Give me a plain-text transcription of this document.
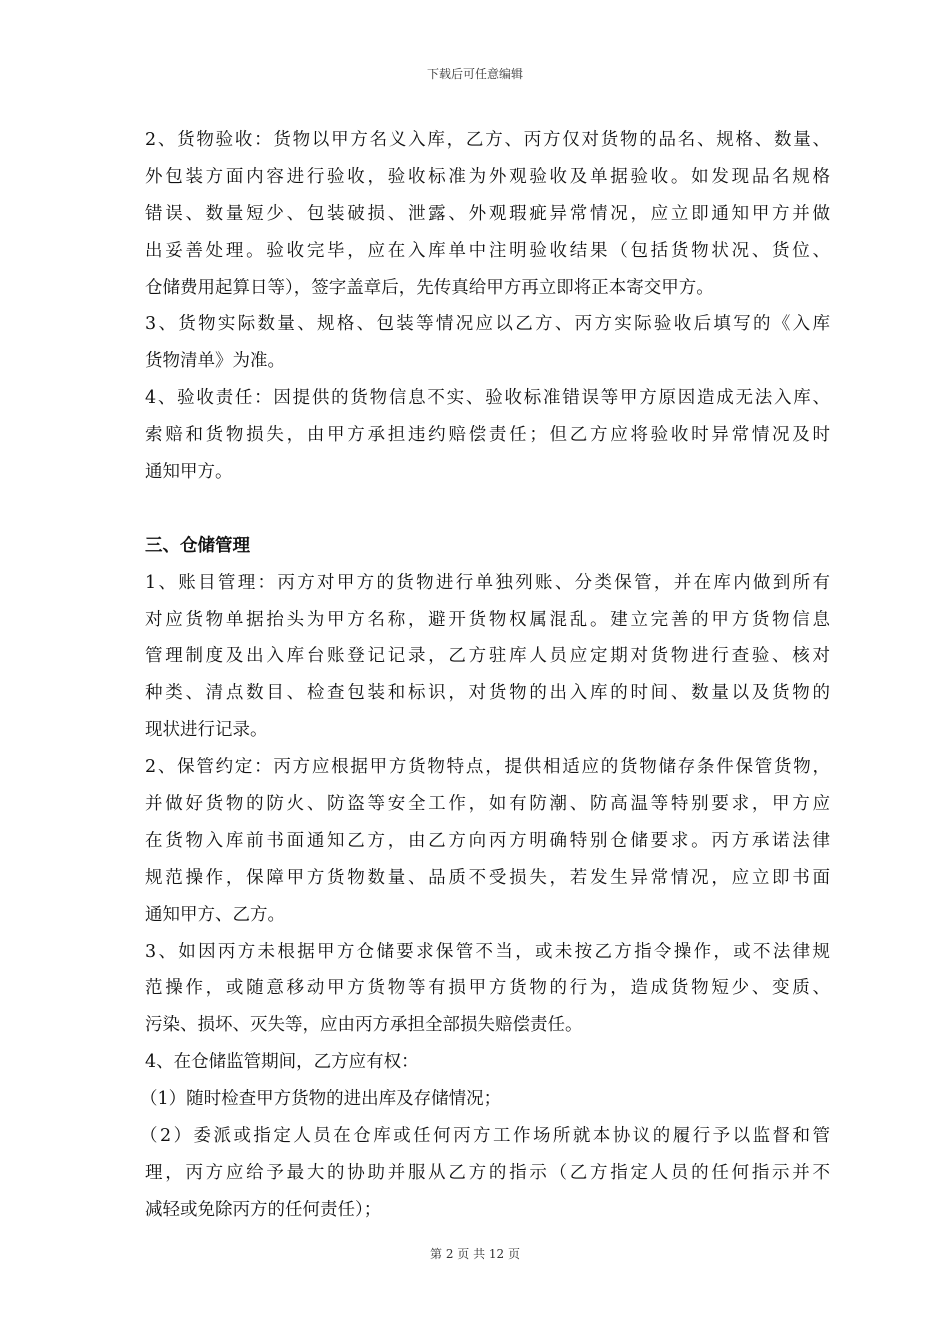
下载后可任意编辑
2、货物验收：货物以甲方名义入库，乙方、丙方仅对货物的品名、规格、数量、
外包装方面内容进行验收，验收标准为外观验收及单据验收。如发现品名规格
错误、数量短少、包装破损、泄露、外观瑕疵异常情况，应立即通知甲方并做
出妥善处理。验收完毕，应在入库单中注明验收结果（包括货物状况、货位、
仓储费用起算日等），签字盖章后，先传真给甲方再立即将正本寄交甲方。
3、货物实际数量、规格、包装等情况应以乙方、丙方实际验收后填写的《入库
货物清单》为准。
4、验收责任：因提供的货物信息不实、验收标准错误等甲方原因造成无法入库、
索赔和货物损失，由甲方承担违约赔偿责任；但乙方应将验收时异常情况及时
通知甲方。
三、仓储管理
1、账目管理：丙方对甲方的货物进行单独列账、分类保管，并在库内做到所有
对应货物单据抬头为甲方名称，避开货物权属混乱。建立完善的甲方货物信息
管理制度及出入库台账登记记录，乙方驻库人员应定期对货物进行查验、核对
种类、清点数目、检查包装和标识，对货物的出入库的时间、数量以及货物的
现状进行记录。
2、保管约定：丙方应根据甲方货物特点，提供相适应的货物储存条件保管货物，
并做好货物的防火、防盗等安全工作，如有防潮、防高温等特别要求，甲方应
在货物入库前书面通知乙方，由乙方向丙方明确特别仓储要求。丙方承诺法律
规范操作，保障甲方货物数量、品质不受损失，若发生异常情况，应立即书面
通知甲方、乙方。
3、如因丙方未根据甲方仓储要求保管不当，或未按乙方指令操作，或不法律规
范操作，或随意移动甲方货物等有损甲方货物的行为，造成货物短少、变质、
污染、损坏、灭失等，应由丙方承担全部损失赔偿责任。
4、在仓储监管期间，乙方应有权：
（1）随时检查甲方货物的进出库及存储情况；
（2）委派或指定人员在仓库或任何丙方工作场所就本协议的履行予以监督和管
理，丙方应给予最大的协助并服从乙方的指示（乙方指定人员的任何指示并不
减轻或免除丙方的任何责任）；
第 2 页 共 12 页
